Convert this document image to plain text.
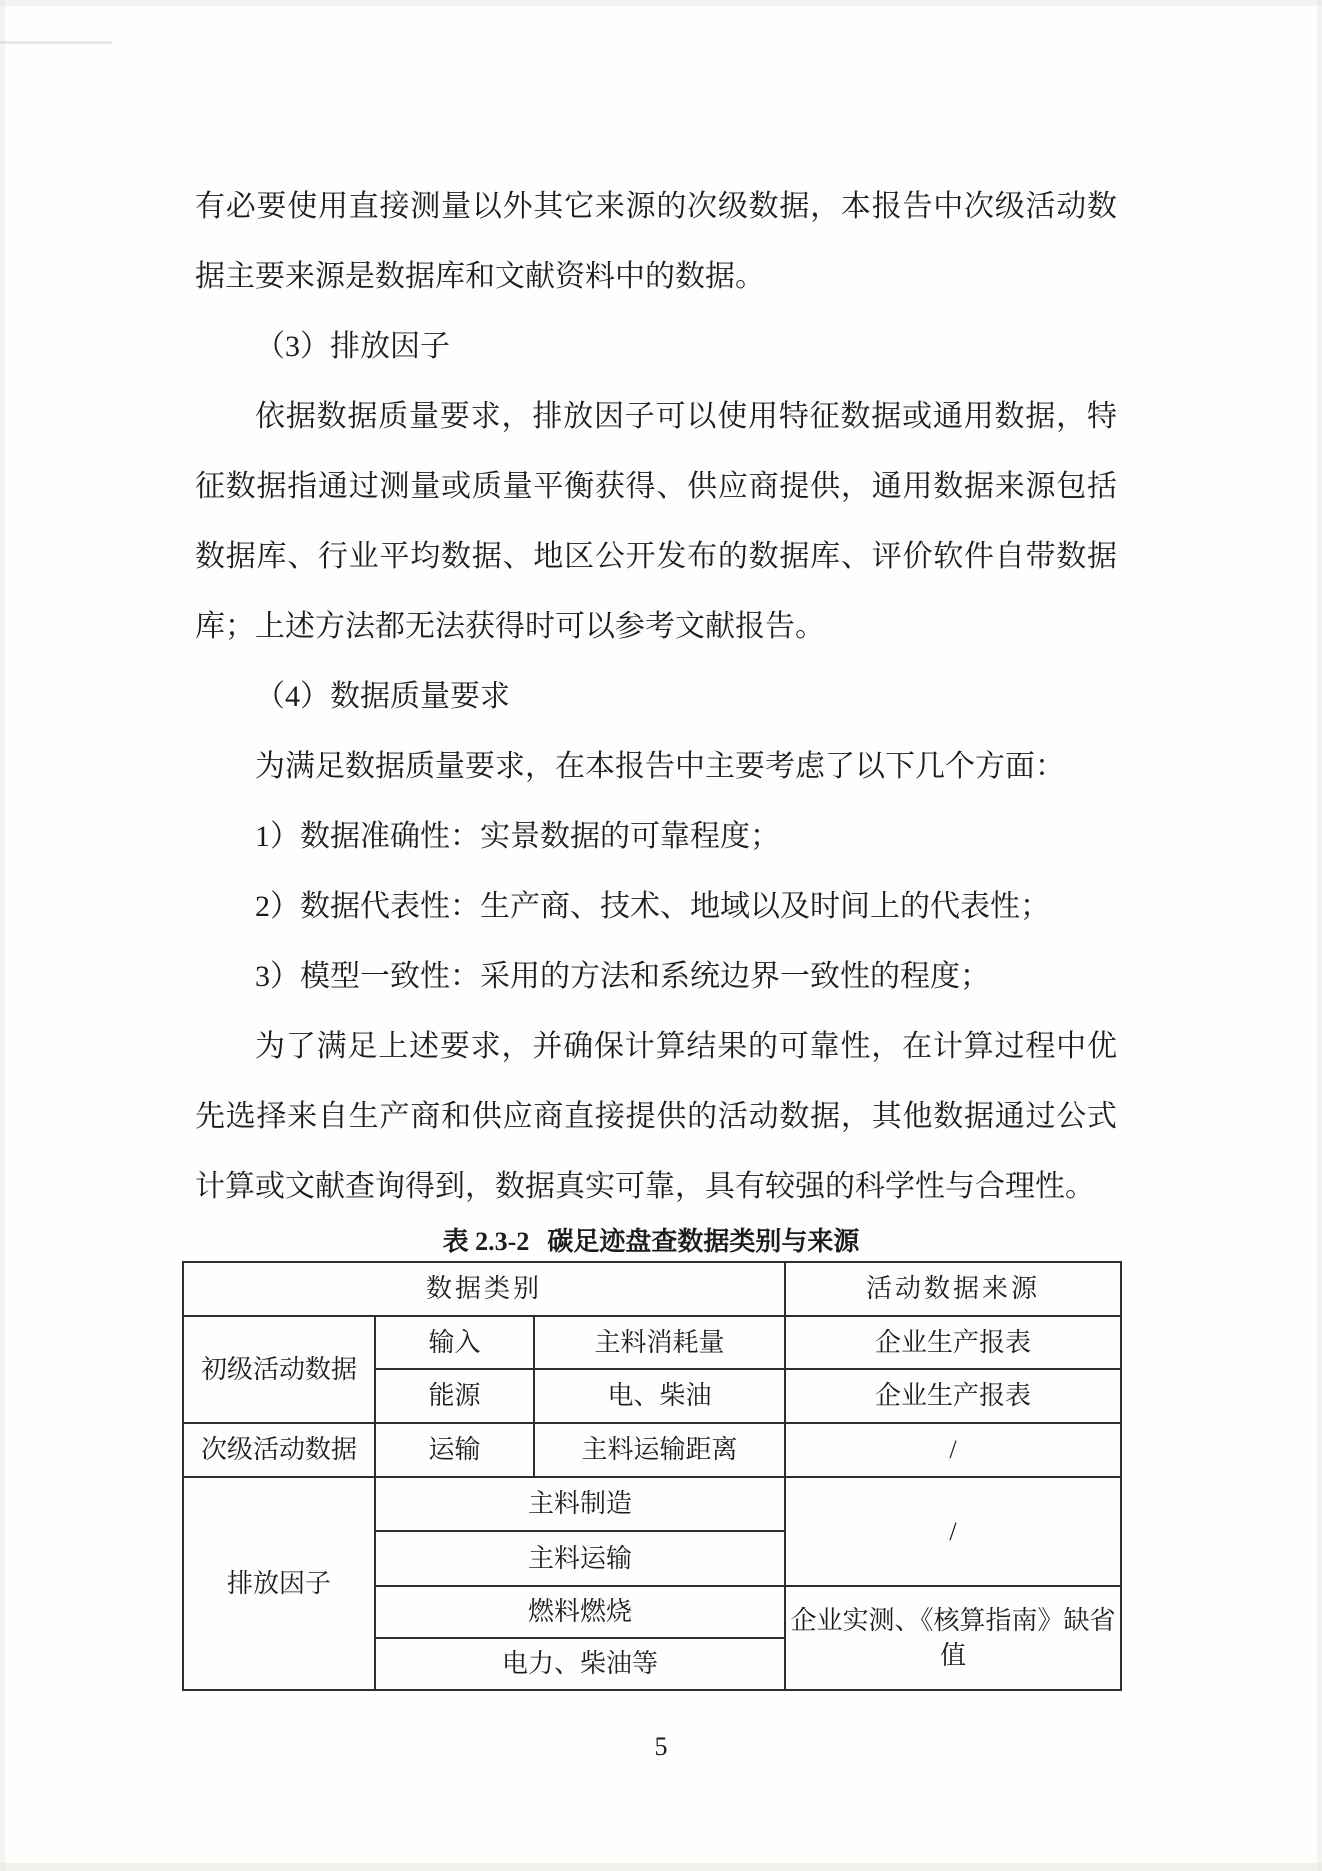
有必要使用直接测量以外其它来源的次级数据，本报告中次级活动数据主要来源是数据库和文献资料中的数据。
（3）排放因子
依据数据质量要求，排放因子可以使用特征数据或通用数据，特征数据指通过测量或质量平衡获得、供应商提供，通用数据来源包括数据库、行业平均数据、地区公开发布的数据库、评价软件自带数据库；上述方法都无法获得时可以参考文献报告。
（4）数据质量要求
为满足数据质量要求，在本报告中主要考虑了以下几个方面：
1）数据准确性：实景数据的可靠程度；
2）数据代表性：生产商、技术、地域以及时间上的代表性；
3）模型一致性：采用的方法和系统边界一致性的程度；
为了满足上述要求，并确保计算结果的可靠性，在计算过程中优先选择来自生产商和供应商直接提供的活动数据，其他数据通过公式计算或文献查询得到，数据真实可靠，具有较强的科学性与合理性。
表 2.3-2 碳足迹盘查数据类别与来源
数据类别			活动数据来源
初级活动数据	输入	主料消耗量	企业生产报表
	能源	电、柴油	企业生产报表
次级活动数据	运输	主料运输距离	/
排放因子	主料制造		/
	主料运输		
	燃料燃烧		企业实测、《核算指南》缺省值
	电力、柴油等		
5
